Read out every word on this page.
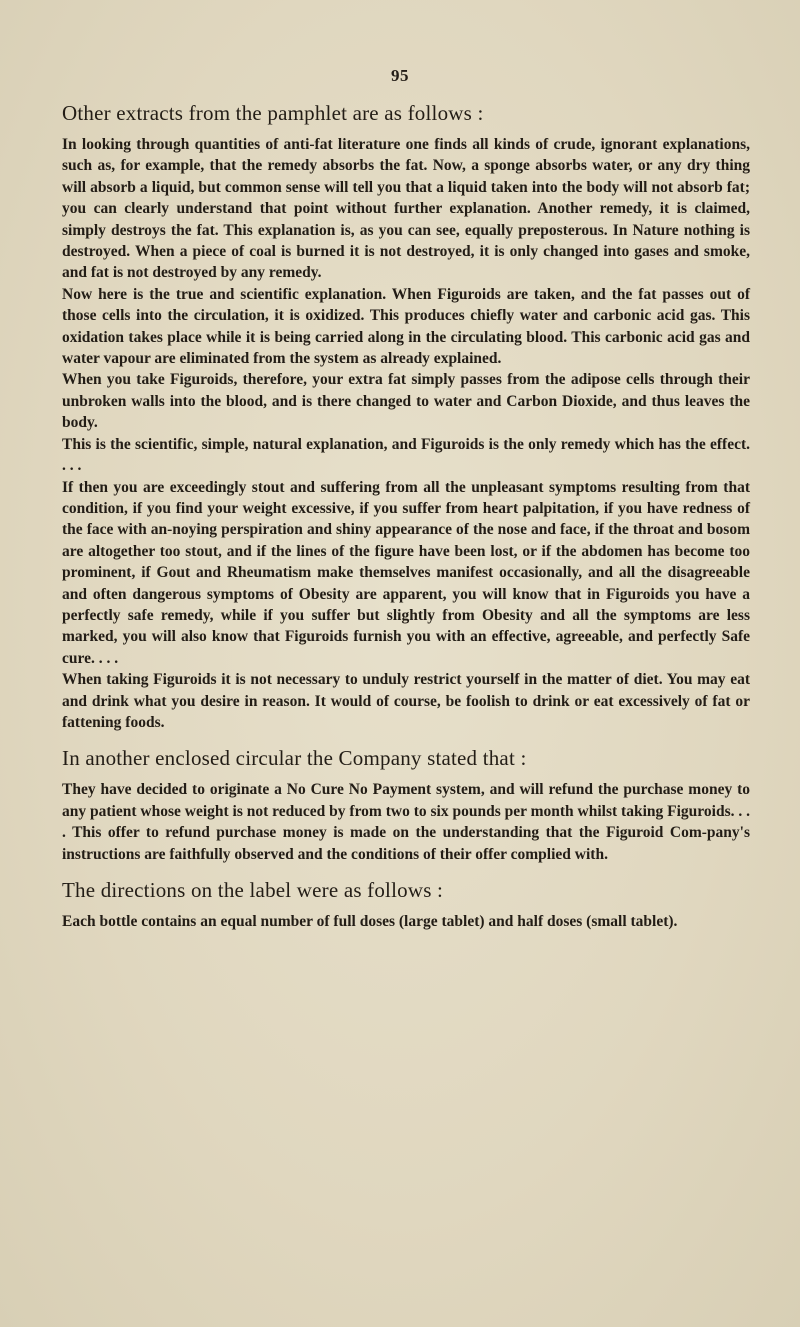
95
Other extracts from the pamphlet are as follows :

In looking through quantities of anti-fat literature one finds all kinds of crude, ignorant explanations, such as, for example, that the remedy absorbs the fat. Now, a sponge absorbs water, or any dry thing will absorb a liquid, but common sense will tell you that a liquid taken into the body will not absorb fat; you can clearly understand that point without further explanation. Another remedy, it is claimed, simply destroys the fat. This explanation is, as you can see, equally preposterous. In Nature nothing is destroyed. When a piece of coal is burned it is not destroyed, it is only changed into gases and smoke, and fat is not destroyed by any remedy.

Now here is the true and scientific explanation. When Figuroids are taken, and the fat passes out of those cells into the circulation, it is oxidized. This produces chiefly water and carbonic acid gas. This oxidation takes place while it is being carried along in the circulating blood. This carbonic acid gas and water vapour are eliminated from the system as already explained.

When you take Figuroids, therefore, your extra fat simply passes from the adipose cells through their unbroken walls into the blood, and is there changed to water and Carbon Dioxide, and thus leaves the body.

This is the scientific, simple, natural explanation, and Figuroids is the only remedy which has the effect. . . .

If then you are exceedingly stout and suffering from all the unpleasant symptoms resulting from that condition, if you find your weight excessive, if you suffer from heart palpitation, if you have redness of the face with an-noying perspiration and shiny appearance of the nose and face, if the throat and bosom are altogether too stout, and if the lines of the figure have been lost, or if the abdomen has become too prominent, if Gout and Rheumatism make themselves manifest occasionally, and all the disagreeable and often dangerous symptoms of Obesity are apparent, you will know that in Figuroids you have a perfectly safe remedy, while if you suffer but slightly from Obesity and all the symptoms are less marked, you will also know that Figuroids furnish you with an effective, agreeable, and perfectly Safe cure. . . .

When taking Figuroids it is not necessary to unduly restrict yourself in the matter of diet. You may eat and drink what you desire in reason. It would of course, be foolish to drink or eat excessively of fat or fattening foods.

In another enclosed circular the Company stated that :

They have decided to originate a No Cure No Payment system, and will refund the purchase money to any patient whose weight is not reduced by from two to six pounds per month whilst taking Figuroids. . . . This offer to refund purchase money is made on the understanding that the Figuroid Com-pany's instructions are faithfully observed and the conditions of their offer complied with.

The directions on the label were as follows :

Each bottle contains an equal number of full doses (large tablet) and half doses (small tablet).
